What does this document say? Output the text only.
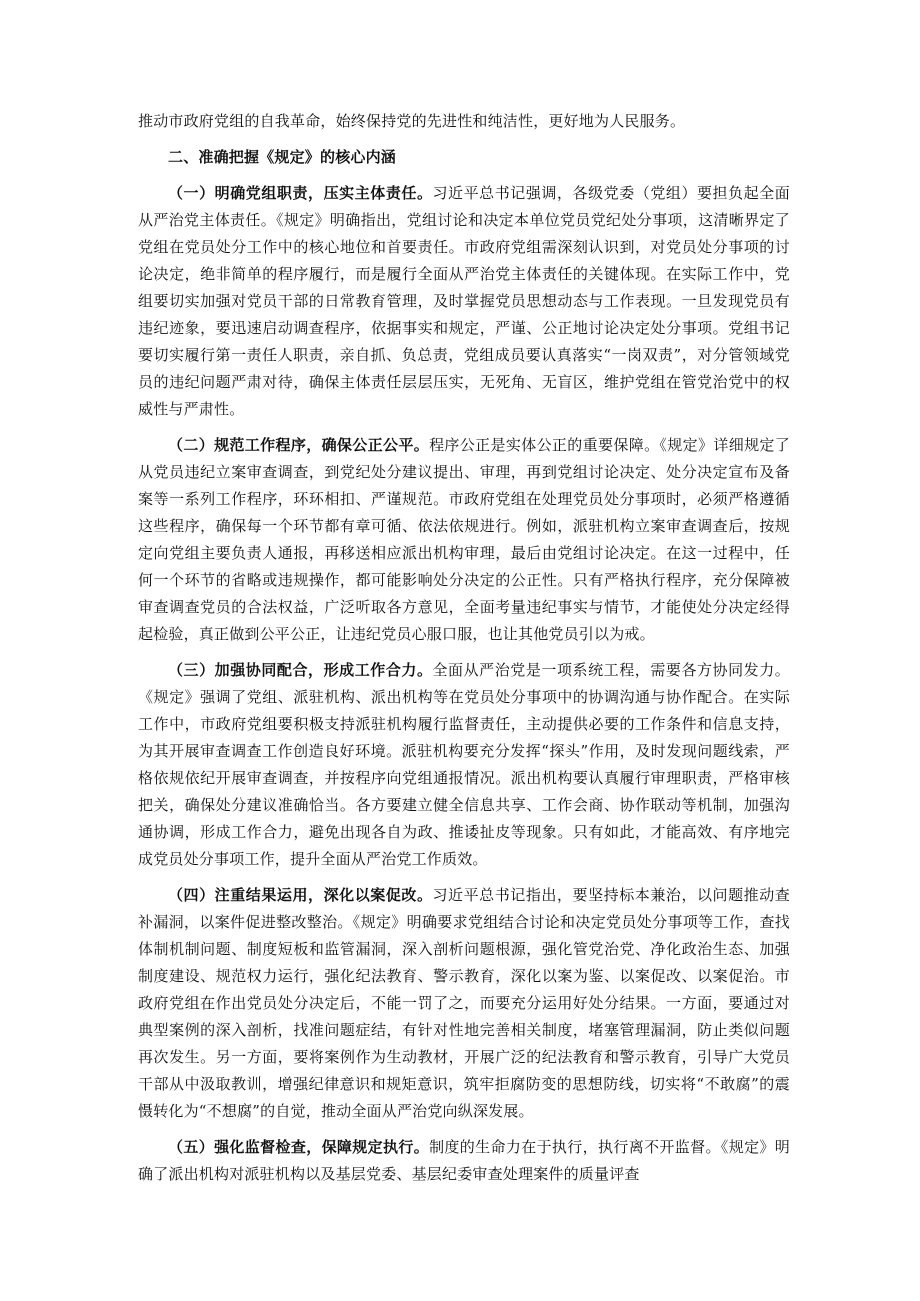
推动市政府党组的自我革命，始终保持党的先进性和纯洁性，更好地为人民服务。

二、准确把握《规定》的核心内涵

（一）明确党组职责，压实主体责任。习近平总书记强调，各级党委（党组）要担负起全面从严治党主体责任。《规定》明确指出，党组讨论和决定本单位党员党纪处分事项，这清晰界定了党组在党员处分工作中的核心地位和首要责任。市政府党组需深刻认识到，对党员处分事项的讨论决定，绝非简单的程序履行，而是履行全面从严治党主体责任的关键体现。在实际工作中，党组要切实加强对党员干部的日常教育管理，及时掌握党员思想动态与工作表现。一旦发现党员有违纪迹象，要迅速启动调查程序，依据事实和规定，严谨、公正地讨论决定处分事项。党组书记要切实履行第一责任人职责，亲自抓、负总责，党组成员要认真落实“一岗双责”，对分管领域党员的违纪问题严肃对待，确保主体责任层层压实，无死角、无盲区，维护党组在管党治党中的权威性与严肃性。

（二）规范工作程序，确保公正公平。程序公正是实体公正的重要保障。《规定》详细规定了从党员违纪立案审查调查，到党纪处分建议提出、审理，再到党组讨论决定、处分决定宣布及备案等一系列工作程序，环环相扣、严谨规范。市政府党组在处理党员处分事项时，必须严格遵循这些程序，确保每一个环节都有章可循、依法依规进行。例如，派驻机构立案审查调查后，按规定向党组主要负责人通报，再移送相应派出机构审理，最后由党组讨论决定。在这一过程中，任何一个环节的省略或违规操作，都可能影响处分决定的公正性。只有严格执行程序，充分保障被审查调查党员的合法权益，广泛听取各方意见，全面考量违纪事实与情节，才能使处分决定经得起检验，真正做到公平公正，让违纪党员心服口服，也让其他党员引以为戒。

（三）加强协同配合，形成工作合力。全面从严治党是一项系统工程，需要各方协同发力。《规定》强调了党组、派驻机构、派出机构等在党员处分事项中的协调沟通与协作配合。在实际工作中，市政府党组要积极支持派驻机构履行监督责任，主动提供必要的工作条件和信息支持，为其开展审查调查工作创造良好环境。派驻机构要充分发挥“探头”作用，及时发现问题线索，严格依规依纪开展审查调查，并按程序向党组通报情况。派出机构要认真履行审理职责，严格审核把关，确保处分建议准确恰当。各方要建立健全信息共享、工作会商、协作联动等机制，加强沟通协调，形成工作合力，避免出现各自为政、推诿扯皮等现象。只有如此，才能高效、有序地完成党员处分事项工作，提升全面从严治党工作质效。

（四）注重结果运用，深化以案促改。习近平总书记指出，要坚持标本兼治，以问题推动查补漏洞，以案件促进整改整治。《规定》明确要求党组结合讨论和决定党员处分事项等工作，查找体制机制问题、制度短板和监管漏洞，深入剖析问题根源，强化管党治党、净化政治生态、加强制度建设、规范权力运行，强化纪法教育、警示教育，深化以案为鉴、以案促改、以案促治。市政府党组在作出党员处分决定后，不能一罚了之，而要充分运用好处分结果。一方面，要通过对典型案例的深入剖析，找准问题症结，有针对性地完善相关制度，堵塞管理漏洞，防止类似问题再次发生。另一方面，要将案例作为生动教材，开展广泛的纪法教育和警示教育，引导广大党员干部从中汲取教训，增强纪律意识和规矩意识，筑牢拒腐防变的思想防线，切实将“不敢腐”的震慑转化为“不想腐”的自觉，推动全面从严治党向纵深发展。

（五）强化监督检查，保障规定执行。制度的生命力在于执行，执行离不开监督。《规定》明确了派出机构对派驻机构以及基层党委、基层纪委审查处理案件的质量评查
